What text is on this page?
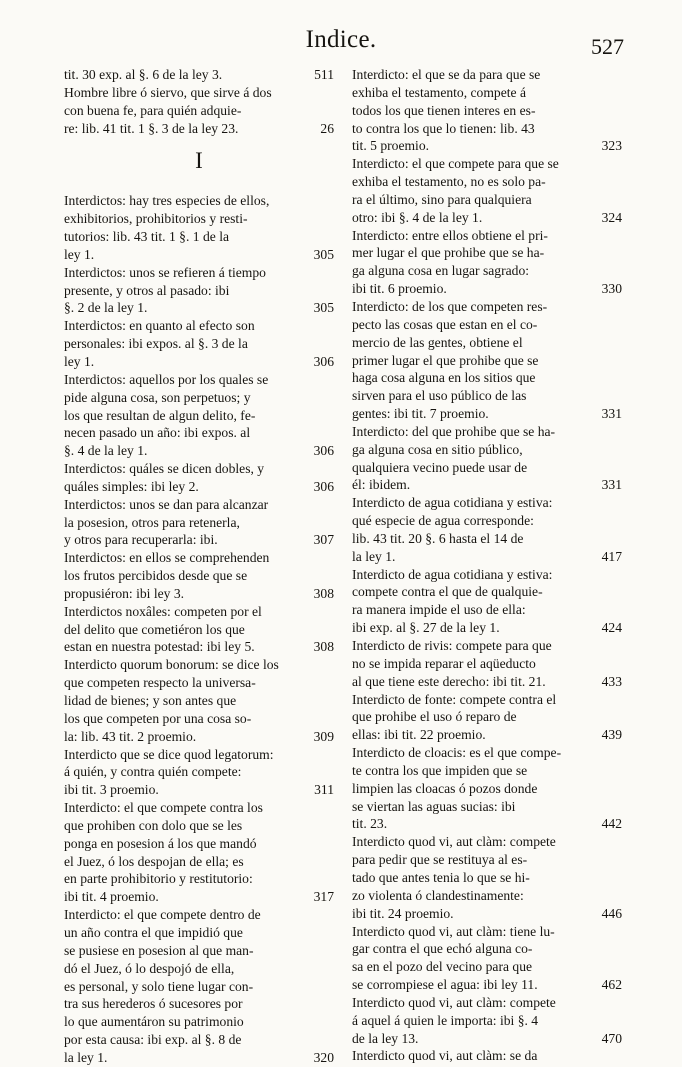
Indice.	527
tit. 30 exp. al §. 6 de la ley 3.	511
Hombre libre ó siervo, que sirve á dos
con buena fe, para quién adquie-
re: lib. 41 tit. 1 §. 3 de la ley 23.	26
I
Interdictos: hay tres especies de ellos,
exhibitorios, prohibitorios y resti-
tutorios: lib. 43 tit. 1 §. 1 de la
ley 1.	305
Interdictos: unos se refieren á tiempo
presente, y otros al pasado: ibi
§. 2 de la ley 1.	305
Interdictos: en quanto al efecto son
personales: ibi expos. al §. 3 de la
ley 1.	306
Interdictos: aquellos por los quales se
pide alguna cosa, son perpetuos; y
los que resultan de algun delito, fe-
necen pasado un año: ibi expos. al
§. 4 de la ley 1.	306
Interdictos: quáles se dicen dobles, y
quáles simples: ibi ley 2.	306
Interdictos: unos se dan para alcanzar
la posesion, otros para retenerla,
y otros para recuperarla: ibi.	307
Interdictos: en ellos se comprehenden
los frutos percibidos desde que se
propusiéron: ibi ley 3.	308
Interdictos noxâles: competen por el
del delito que cometiéron los que
estan en nuestra potestad: ibi ley 5.	308
Interdicto quorum bonorum: se dice los
que competen respecto la universa-
lidad de bienes; y son antes que
los que competen por una cosa so-
la: lib. 43 tit. 2 proemio.	309
Interdicto que se dice quod legatorum:
á quién, y contra quién compete:
ibi tit. 3 proemio.	311
Interdicto: el que compete contra los
que prohiben con dolo que se les
ponga en posesion á los que mandó
el Juez, ó los despojan de ella; es
en parte prohibitorio y restitutorio:
ibi tit. 4 proemio.	317
Interdicto: el que compete dentro de
un año contra el que impidió que
se pusiese en posesion al que man-
dó el Juez, ó lo despojó de ella,
es personal, y solo tiene lugar con-
tra sus herederos ó sucesores por
lo que aumentáron su patrimonio
por esta causa: ibi exp. al §. 8 de
la ley 1.	320
Interdicto: el que se da para que se
exhiba el testamento, compete á
todos los que tienen interes en es-
to contra los que lo tienen: lib. 43
tit. 5 proemio.	323
Interdicto: el que compete para que se
exhiba el testamento, no es solo pa-
ra el último, sino para qualquiera
otro: ibi §. 4 de la ley 1.	324
Interdicto: entre ellos obtiene el pri-
mer lugar el que prohibe que se ha-
ga alguna cosa en lugar sagrado:
ibi tit. 6 proemio.	330
Interdicto: de los que competen res-
pecto las cosas que estan en el co-
mercio de las gentes, obtiene el
primer lugar el que prohibe que se
haga cosa alguna en los sitios que
sirven para el uso público de las
gentes: ibi tit. 7 proemio.	331
Interdicto: del que prohibe que se ha-
ga alguna cosa en sitio público,
qualquiera vecino puede usar de
él: ibidem.	331
Interdicto de agua cotidiana y estiva:
qué especie de agua corresponde:
lib. 43 tit. 20 §. 6 hasta el 14 de
la ley 1.	417
Interdicto de agua cotidiana y estiva:
compete contra el que de qualquie-
ra manera impide el uso de ella:
ibi exp. al §. 27 de la ley 1.	424
Interdicto de rivis: compete para que
no se impida reparar el aqüeducto
al que tiene este derecho: ibi tit. 21.	433
Interdicto de fonte: compete contra el
que prohibe el uso ó reparo de
ellas: ibi tit. 22 proemio.	439
Interdicto de cloacis: es el que compe-
te contra los que impiden que se
limpien las cloacas ó pozos donde
se viertan las aguas sucias: ibi
tit. 23.	442
Interdicto quod vi, aut clàm: compete
para pedir que se restituya al es-
tado que antes tenia lo que se hi-
zo violenta ó clandestinamente:
ibi tit. 24 proemio.	446
Interdicto quod vi, aut clàm: tiene lu-
gar contra el que echó alguna co-
sa en el pozo del vecino para que
se corrompiese el agua: ibi ley 11.	462
Interdicto quod vi, aut clàm: compete
á aquel á quien le importa: ibi §. 4
de la ley 13.	470
Interdicto quod vi, aut clàm: se da
